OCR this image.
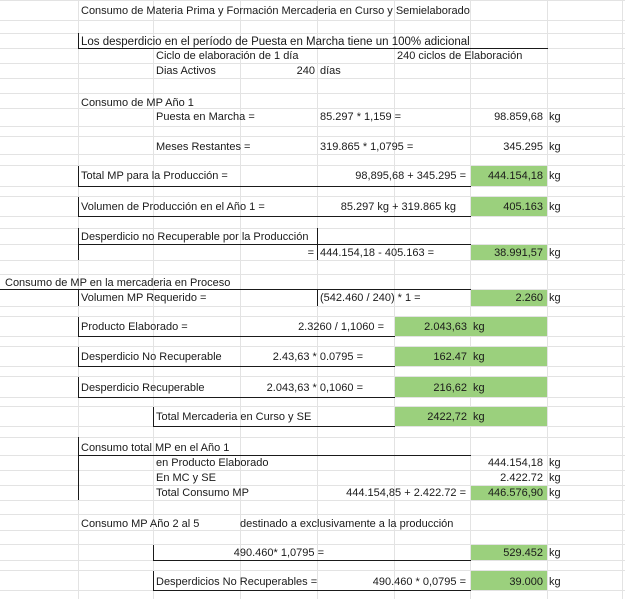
Consumo de Materia Prima y Formación Mercaderia en Curso y Semielaborado
Los desperdicio en el período de Puesta en Marcha tiene un 100% adicional
Ciclo de elaboración de 1 día	240 ciclos de Elaboración
Dias Activos	240 días
Consumo de MP Año 1
Puesta en Marcha =	85.297 * 1,159 =	98.859,68 kg
Meses Restantes =	319.865 * 1,0795 =	345.295 kg
Total MP para la Producción =	98,895,68 + 345.295 =	444.154,18 kg
Volumen de Producción en el Año 1 =	85.297 kg + 319.865 kg	405.163 kg
Desperdicio no Recuperable por la Producción
= 444.154,18 - 405.163 =	38.991,57 kg
Consumo de MP en la mercaderia en Proceso
Volumen MP Requerido =	(542.460 / 240) * 1 =	2.260 kg
Producto Elaborado =	2.3260 / 1,1060 =	2.043,63 kg
Desperdicio No Recuperable	2.43,63 * 0.0795 =	162.47 kg
Desperdicio Recuperable	2.043,63 * 0,1060 =	216,62 kg
Total Mercaderia en Curso y SE	2422,72 kg
Consumo total MP en el Año 1
en Producto Elaborado	444.154,18 kg
En MC y SE	2.422.72 kg
Total Consumo MP	444.154,85 + 2.422.72 =	446.576,90 kg
Consumo MP Año 2 al 5	destinado a exclusivamente a la producción
490.460* 1,0795 =	529.452 kg
Desperdicios No Recuperables =	490.460 * 0,0795 =	39.000 kg
